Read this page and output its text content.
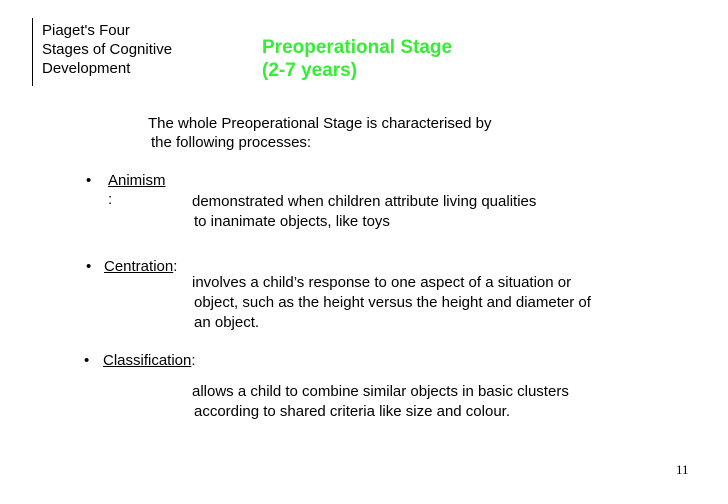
Piaget's Four
Stages of Cognitive
Development
Preoperational Stage
(2-7 years)
The whole Preoperational Stage is characterised by
the following processes:
• Animism
:	demonstrated when children attribute living qualities
to inanimate objects, like toys
• Centration:
involves a child’s response to one aspect of a situation or
object, such as the height versus the height and diameter of
an object.
• Classification:
allows a child to combine similar objects in basic clusters
according to shared criteria like size and colour.
11
